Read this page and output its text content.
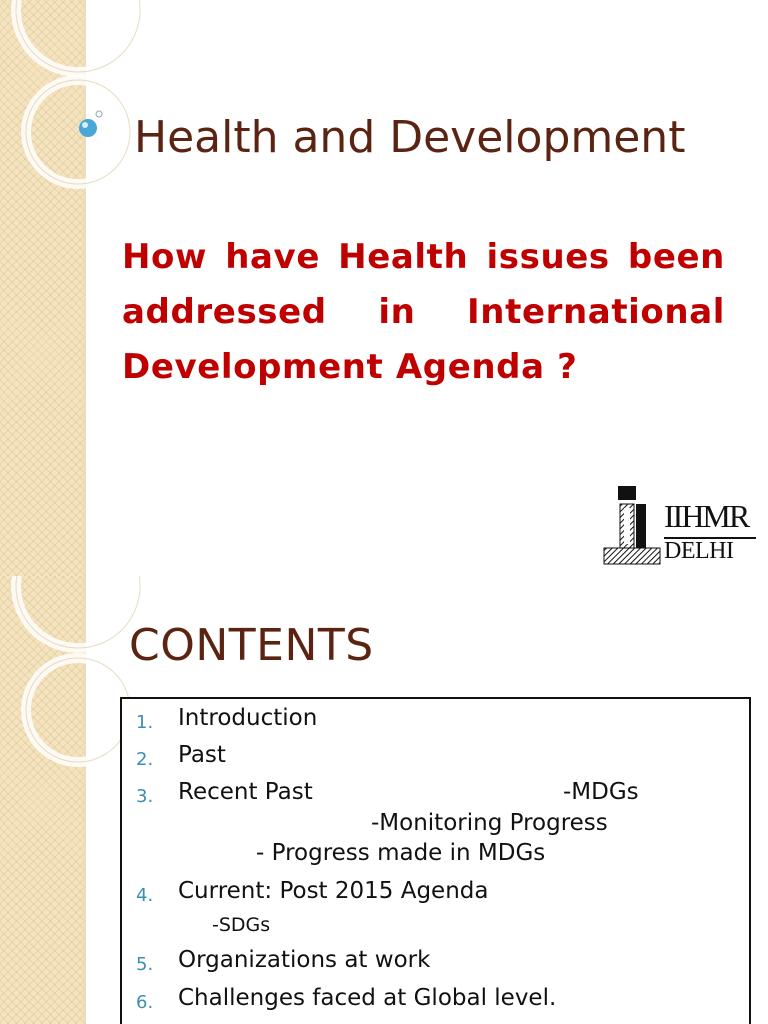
Health and Development

How have Health issues been addressed in International Development Agenda ?

IIHMR
DELHI
CONTENTS
1. Introduction
2. Past
3. Recent Past	-MDGs
-Monitoring Progress
- Progress made in MDGs
4. Current: Post 2015 Agenda
-SDGs
5. Organizations at work
6. Challenges faced at Global level.
